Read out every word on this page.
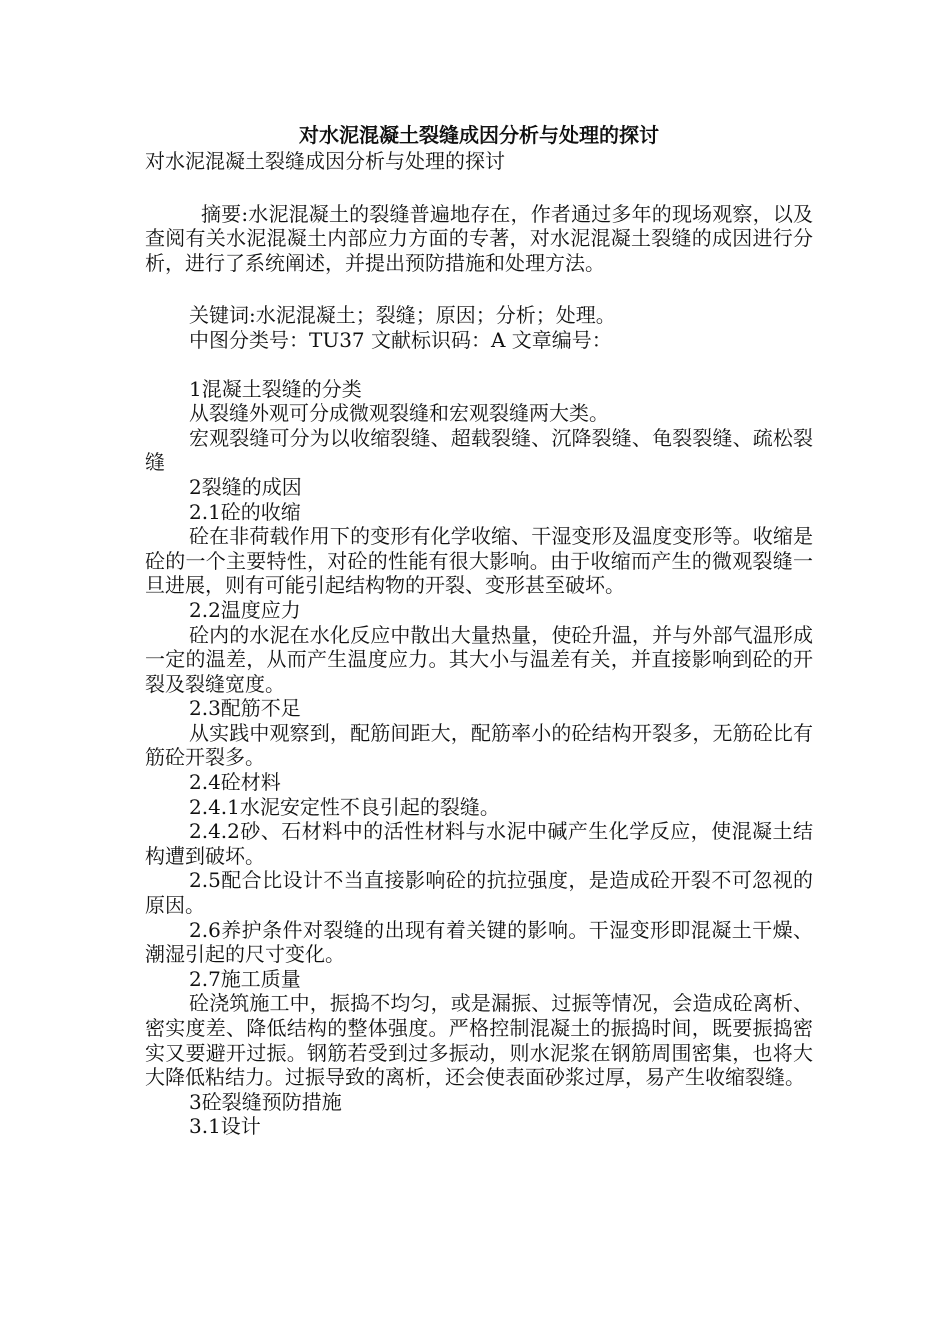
对水泥混凝土裂缝成因分析与处理的探讨

对水泥混凝土裂缝成因分析与处理的探讨

摘要:水泥混凝土的裂缝普遍地存在，作者通过多年的现场观察，以及查阅有关水泥混凝土内部应力方面的专著，对水泥混凝土裂缝的成因进行分析，进行了系统阐述，并提出预防措施和处理方法。

关键词:水泥混凝土；裂缝；原因；分析；处理。

中图分类号：TU37 文献标识码：A 文章编号：

1混凝土裂缝的分类

从裂缝外观可分成微观裂缝和宏观裂缝两大类。

宏观裂缝可分为以收缩裂缝、超载裂缝、沉降裂缝、龟裂裂缝、疏松裂缝

2裂缝的成因

2.1砼的收缩

砼在非荷载作用下的变形有化学收缩、干湿变形及温度变形等。收缩是砼的一个主要特性，对砼的性能有很大影响。由于收缩而产生的微观裂缝一旦进展，则有可能引起结构物的开裂、变形甚至破坏。

2.2温度应力

砼内的水泥在水化反应中散出大量热量，使砼升温，并与外部气温形成一定的温差，从而产生温度应力。其大小与温差有关，并直接影响到砼的开裂及裂缝宽度。

2.3配筋不足

从实践中观察到，配筋间距大，配筋率小的砼结构开裂多，无筋砼比有筋砼开裂多。

2.4砼材料

2.4.1水泥安定性不良引起的裂缝。

2.4.2砂、石材料中的活性材料与水泥中碱产生化学反应，使混凝土结构遭到破坏。

2.5配合比设计不当直接影响砼的抗拉强度，是造成砼开裂不可忽视的原因。

2.6养护条件对裂缝的出现有着关键的影响。干湿变形即混凝土干燥、潮湿引起的尺寸变化。

2.7施工质量

砼浇筑施工中，振捣不均匀，或是漏振、过振等情况，会造成砼离析、密实度差、降低结构的整体强度。严格控制混凝土的振捣时间，既要振捣密实又要避开过振。钢筋若受到过多振动，则水泥浆在钢筋周围密集，也将大大降低粘结力。过振导致的离析，还会使表面砂浆过厚，易产生收缩裂缝。

3砼裂缝预防措施

3.1设计
